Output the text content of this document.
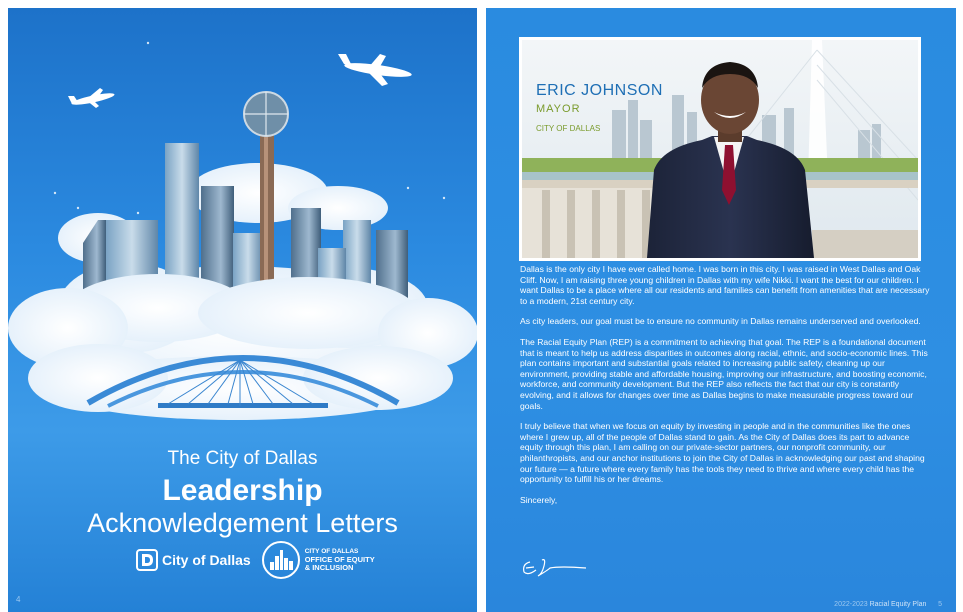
The City of Dallas

Leadership

Acknowledgement Letters

City of Dallas
CITY OF DALLAS
OFFICE OF EQUITY
& INCLUSION
4
ERIC JOHNSON
MAYOR
CITY OF DALLAS

Dallas is the only city I have ever called home. I was born in this city. I was raised in West Dallas and Oak Cliff. Now, I am raising three young children in Dallas with my wife Nikki. I want the best for our children. I want Dallas to be a place where all our residents and families can benefit from amenities that are necessary to a modern, 21st century city.

As city leaders, our goal must be to ensure no community in Dallas remains underserved and overlooked.

The Racial Equity Plan (REP) is a commitment to achieving that goal. The REP is a foundational document that is meant to help us address disparities in outcomes along racial, ethnic, and socio-economic lines. This plan contains important and substantial goals related to increasing public safety, cleaning up our environment, providing stable and affordable housing, improving our infrastructure, and boosting economic, workforce, and community development. But the REP also reflects the fact that our city is constantly evolving, and it allows for changes over time as Dallas begins to make measurable progress toward our goals.

I truly believe that when we focus on equity by investing in people and in the communities like the ones where I grew up, all of the people of Dallas stand to gain. As the City of Dallas does its part to advance equity through this plan, I am calling on our private-sector partners, our nonprofit community, our philanthropists, and our anchor institutions to join the City of Dallas in acknowledging our past and shaping our future — a future where every family has the tools they need to thrive and where every child has the opportunity to fulfill his or her dreams.

Sincerely,

2022-2023 Racial Equity Plan 5
